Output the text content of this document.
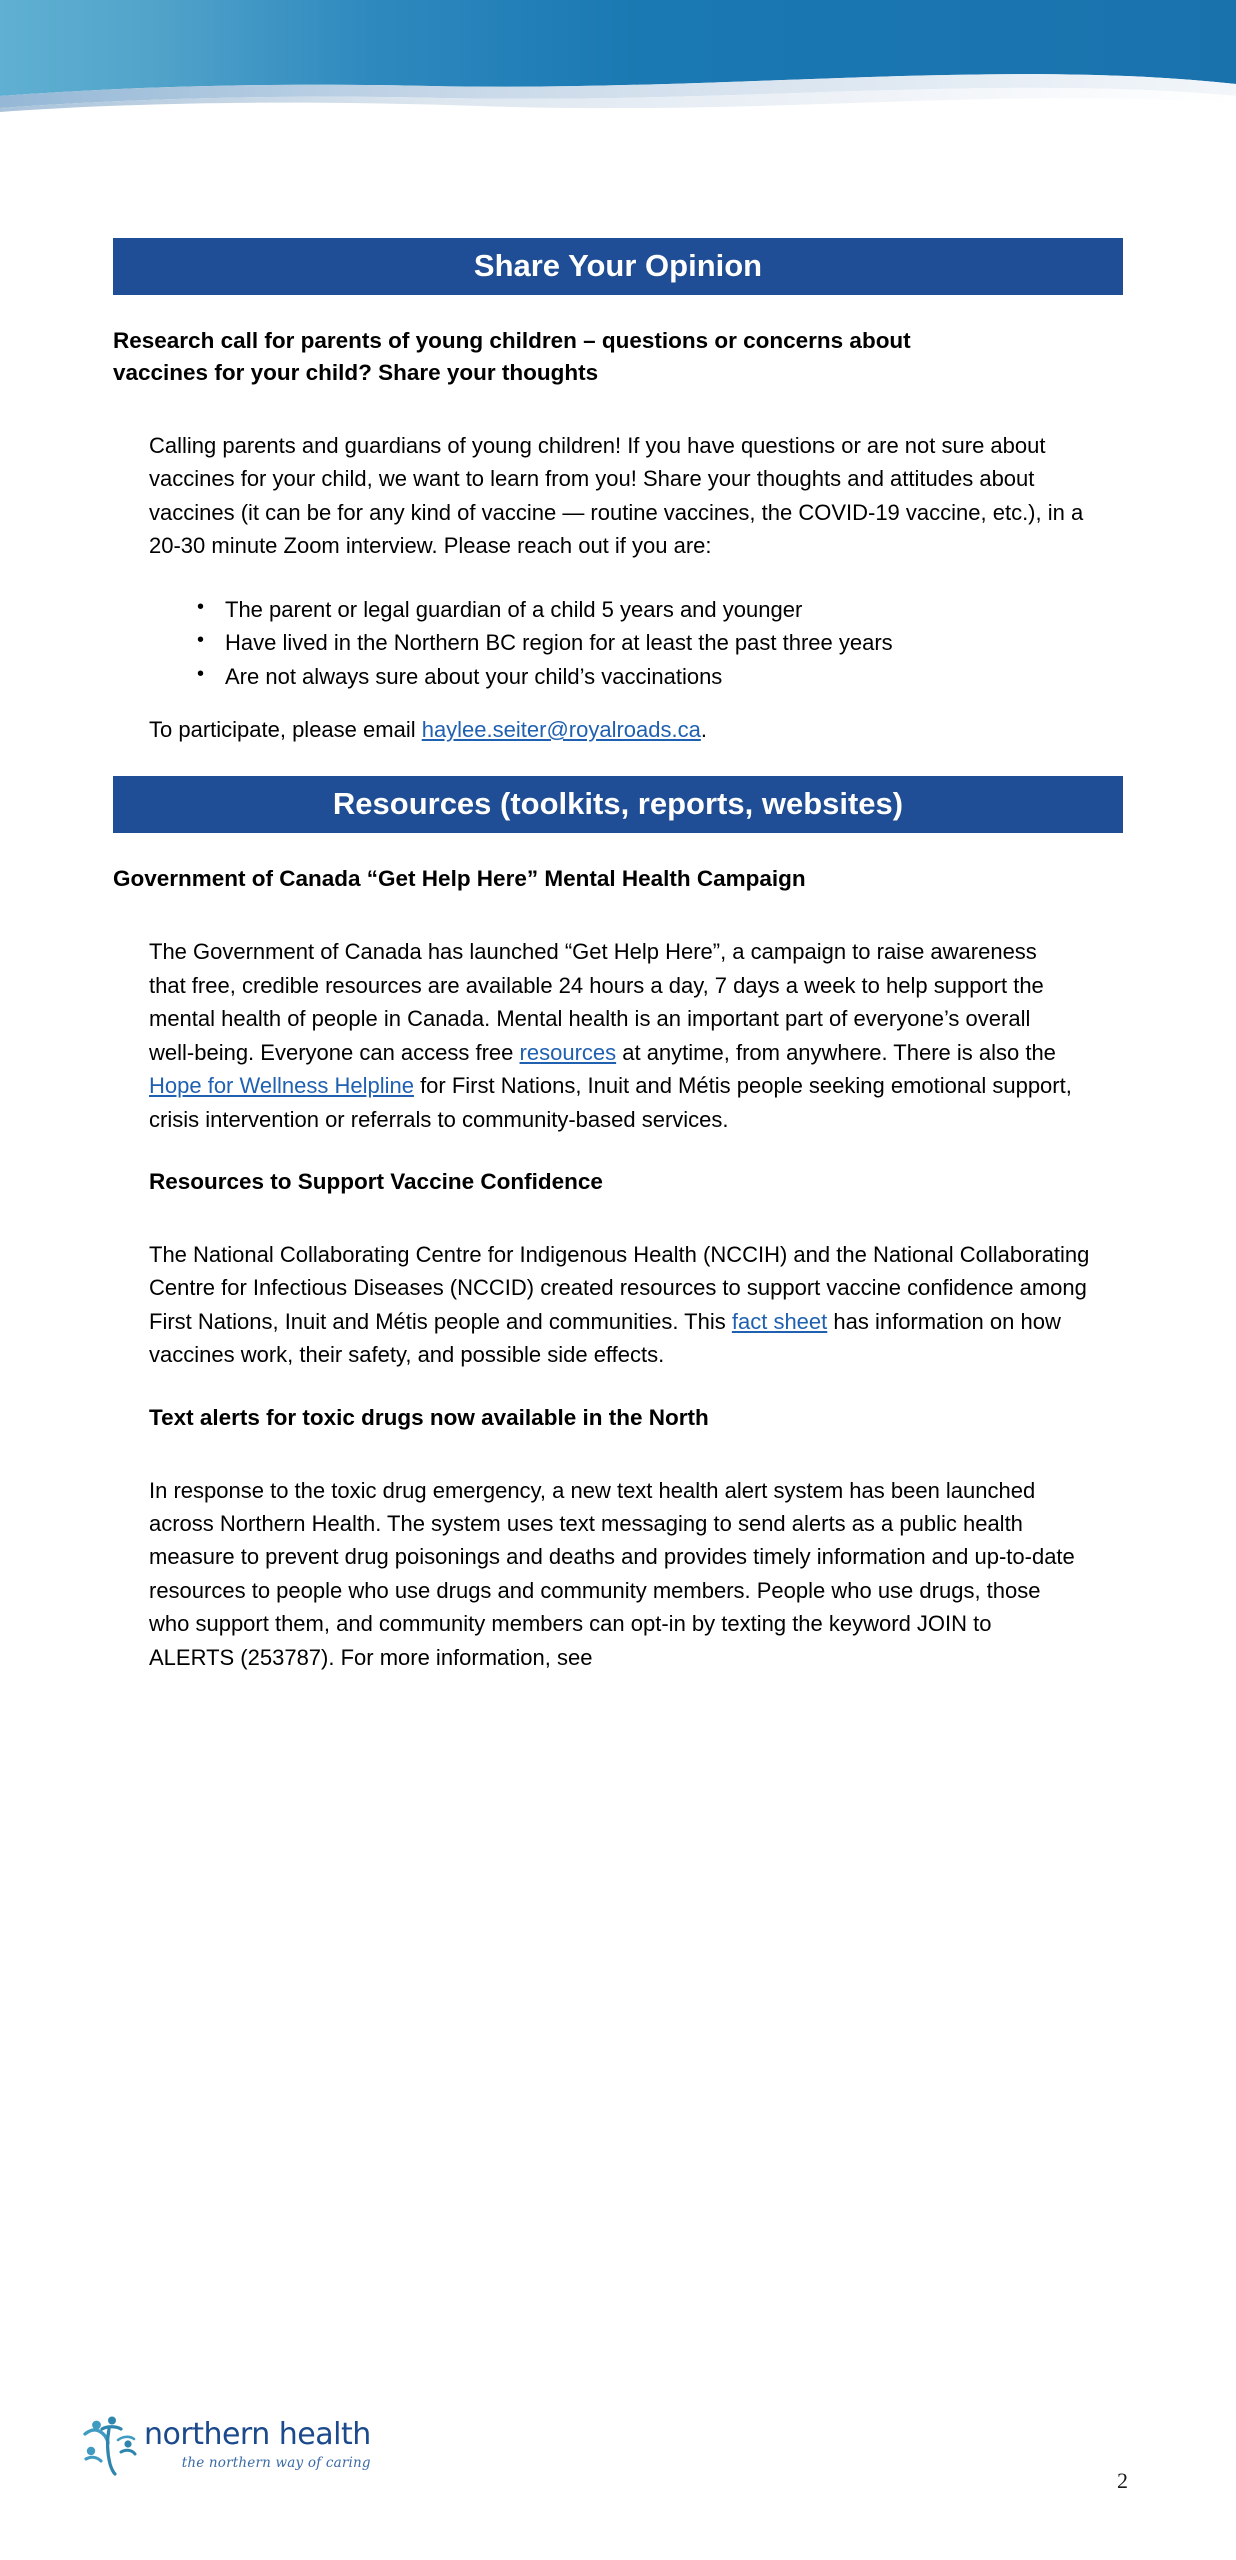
Share Your Opinion
Research call for parents of young children – questions or concerns about vaccines for your child? Share your thoughts
Calling parents and guardians of young children! If you have questions or are not sure about vaccines for your child, we want to learn from you! Share your thoughts and attitudes about vaccines (it can be for any kind of vaccine — routine vaccines, the COVID-19 vaccine, etc.), in a 20-30 minute Zoom interview. Please reach out if you are:
• The parent or legal guardian of a child 5 years and younger
• Have lived in the Northern BC region for at least the past three years
• Are not always sure about your child’s vaccinations
To participate, please email haylee.seiter@royalroads.ca.
Resources (toolkits, reports, websites)
Government of Canada “Get Help Here” Mental Health Campaign
The Government of Canada has launched “Get Help Here”, a campaign to raise awareness that free, credible resources are available 24 hours a day, 7 days a week to help support the mental health of people in Canada. Mental health is an important part of everyone’s overall well-being. Everyone can access free resources at anytime, from anywhere. There is also the Hope for Wellness Helpline for First Nations, Inuit and Métis people seeking emotional support, crisis intervention or referrals to community-based services.
Resources to Support Vaccine Confidence
The National Collaborating Centre for Indigenous Health (NCCIH) and the National Collaborating Centre for Infectious Diseases (NCCID) created resources to support vaccine confidence among First Nations, Inuit and Métis people and communities. This fact sheet has information on how vaccines work, their safety, and possible side effects.
Text alerts for toxic drugs now available in the North
In response to the toxic drug emergency, a new text health alert system has been launched across Northern Health. The system uses text messaging to send alerts as a public health measure to prevent drug poisonings and deaths and provides timely information and up-to-date resources to people who use drugs and community members. People who use drugs, those who support them, and community members can opt-in by texting the keyword JOIN to ALERTS (253787). For more information, see
northern health
the northern way of caring
2
